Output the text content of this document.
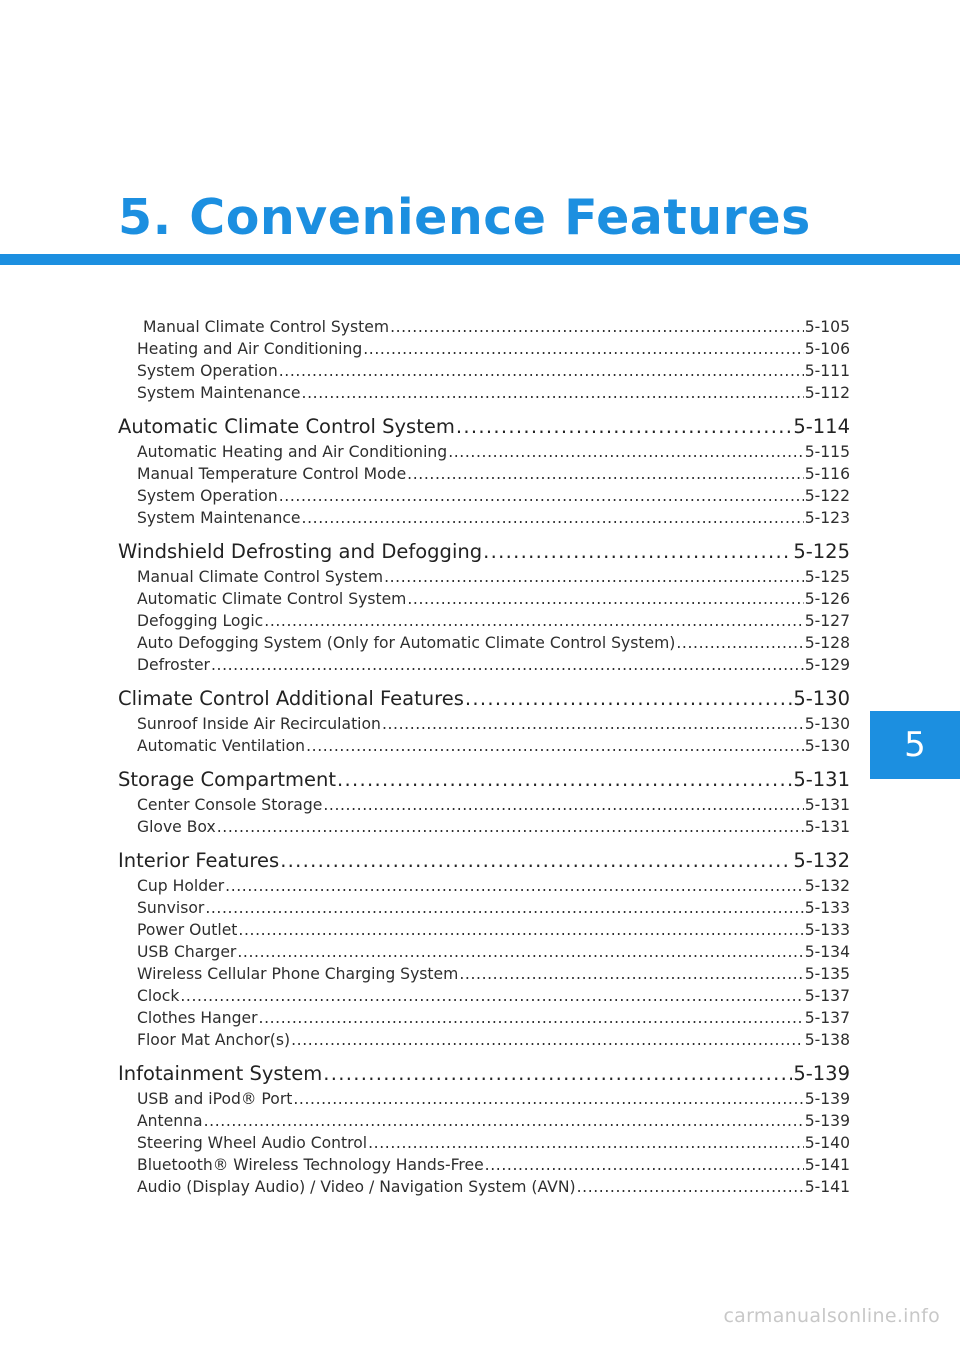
5. Convenience Features
Manual Climate Control System .....	5-105
Heating and Air Conditioning .....	5-106
System Operation .....	5-111
System Maintenance .....	5-112
Automatic Climate Control System .....	5-114
Automatic Heating and Air Conditioning .....	5-115
Manual Temperature Control Mode .....	5-116
System Operation .....	5-122
System Maintenance .....	5-123
Windshield Defrosting and Defogging .....	5-125
Manual Climate Control System .....	5-125
Automatic Climate Control System .....	5-126
Defogging Logic .....	5-127
Auto Defogging System (Only for Automatic Climate Control System) .....	5-128
Defroster .....	5-129
Climate Control Additional Features .....	5-130
Sunroof Inside Air Recirculation .....	5-130
Automatic Ventilation .....	5-130
Storage Compartment .....	5-131
Center Console Storage .....	5-131
Glove Box .....	5-131
Interior Features .....	5-132
Cup Holder .....	5-132
Sunvisor .....	5-133
Power Outlet .....	5-133
USB Charger .....	5-134
Wireless Cellular Phone Charging System .....	5-135
Clock .....	5-137
Clothes Hanger .....	5-137
Floor Mat Anchor(s) .....	5-138
Infotainment System .....	5-139
USB and iPod® Port .....	5-139
Antenna .....	5-139
Steering Wheel Audio Control .....	5-140
Bluetooth® Wireless Technology Hands-Free .....	5-141
Audio (Display Audio) / Video / Navigation System (AVN) .....	5-141
5
carmanualsonline.info
